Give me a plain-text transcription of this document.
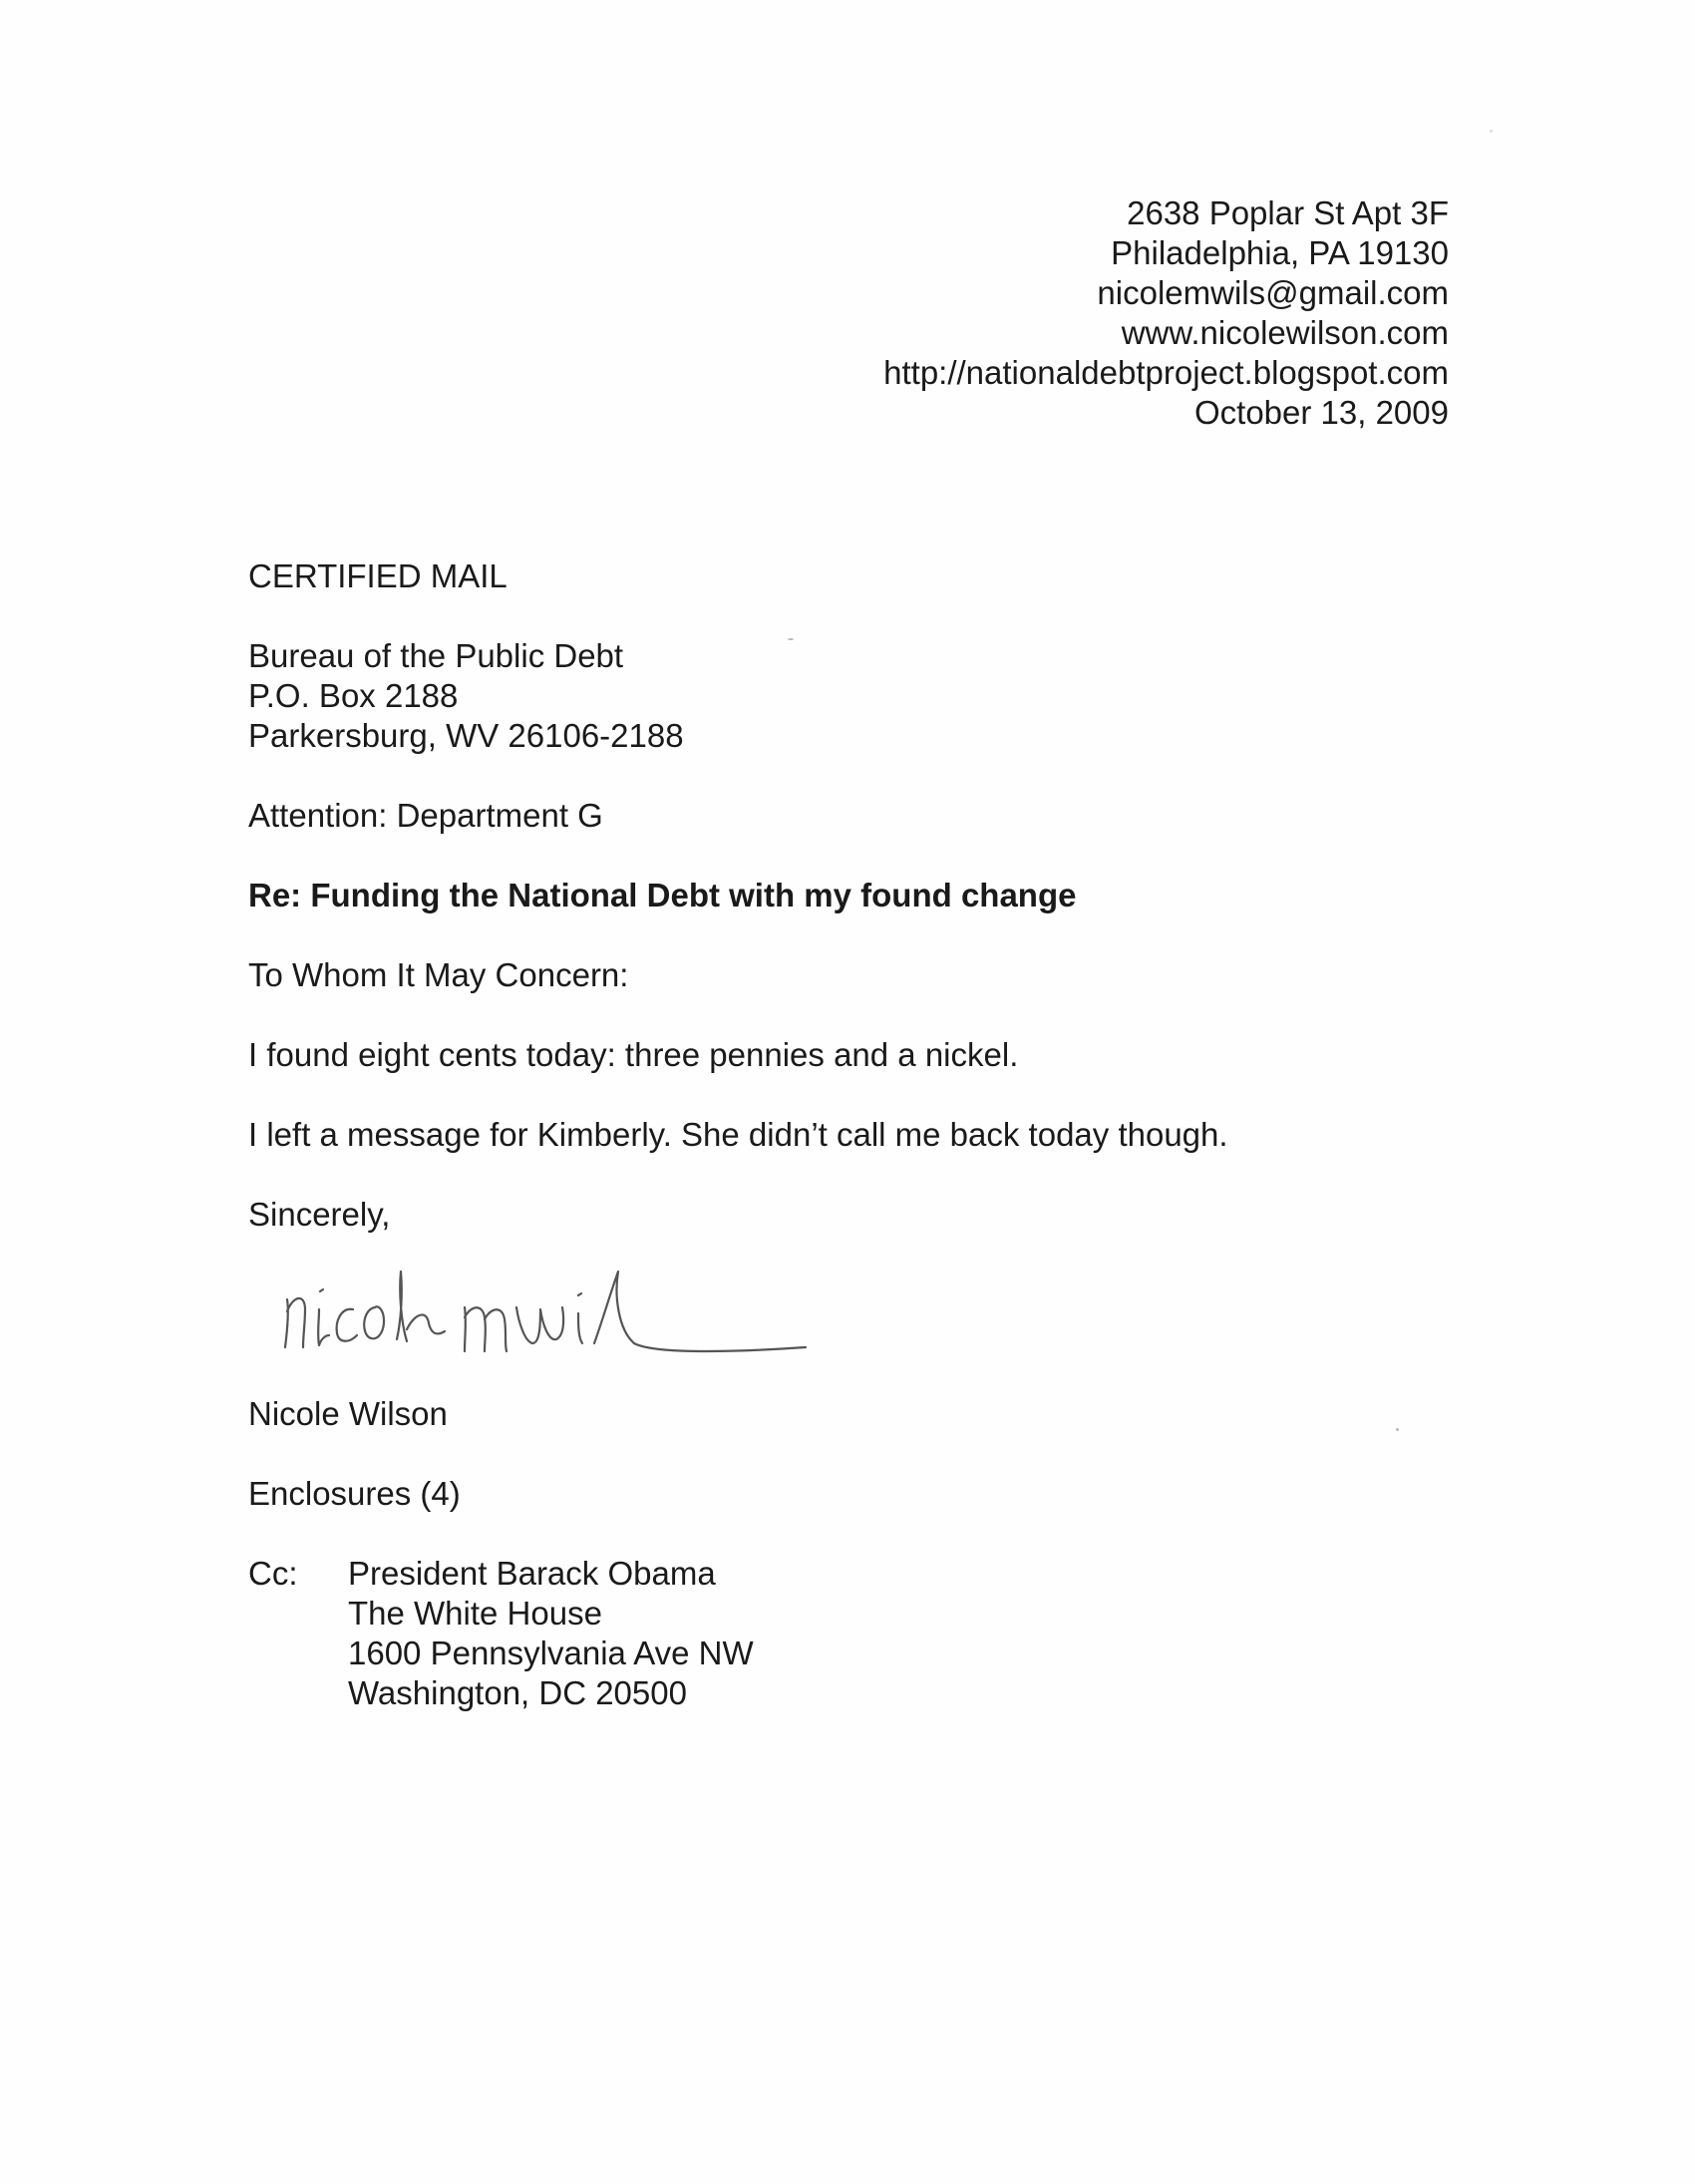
2638 Poplar St Apt 3F
Philadelphia, PA 19130
nicolemwils@gmail.com
www.nicolewilson.com
http://nationaldebtproject.blogspot.com
October 13, 2009
CERTIFIED MAIL
Bureau of the Public Debt
P.O. Box 2188
Parkersburg, WV 26106-2188
Attention: Department G
Re: Funding the National Debt with my found change
To Whom It May Concern:
I found eight cents today: three pennies and a nickel.
I left a message for Kimberly. She didn’t call me back today though.
Sincerely,
Nicole Wilson
Enclosures (4)
Cc:	President Barack Obama
The White House
1600 Pennsylvania Ave NW
Washington, DC 20500
